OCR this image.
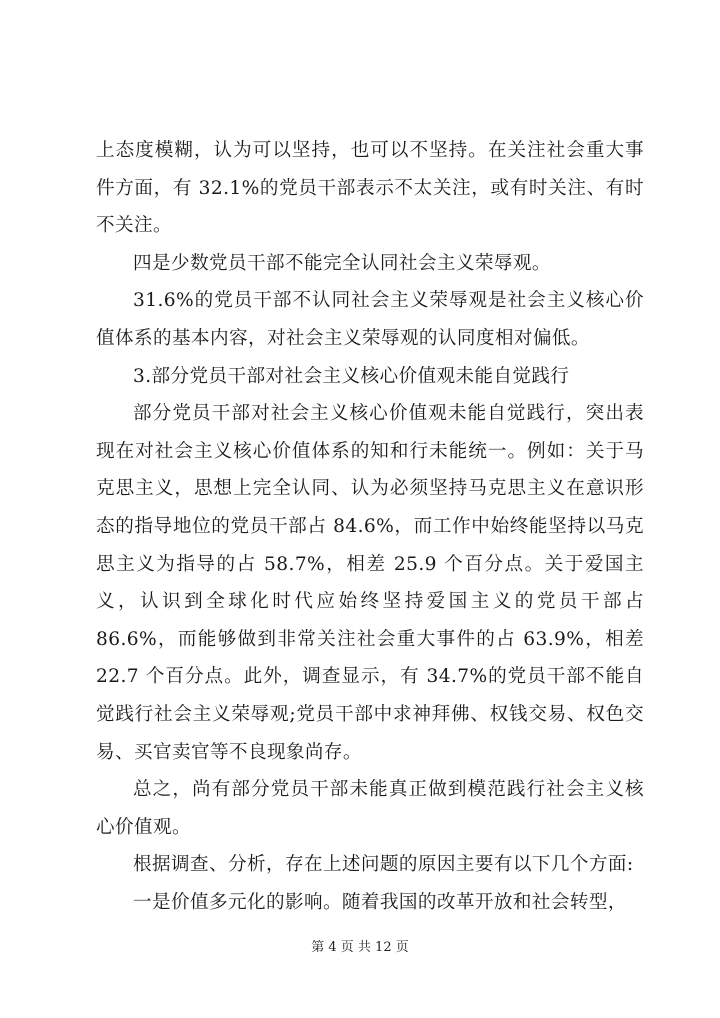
上态度模糊，认为可以坚持，也可以不坚持。在关注社会重大事件方面，有 32.1%的党员干部表示不太关注，或有时关注、有时不关注。

四是少数党员干部不能完全认同社会主义荣辱观。

31.6%的党员干部不认同社会主义荣辱观是社会主义核心价值体系的基本内容，对社会主义荣辱观的认同度相对偏低。

3.部分党员干部对社会主义核心价值观未能自觉践行

部分党员干部对社会主义核心价值观未能自觉践行，突出表现在对社会主义核心价值体系的知和行未能统一。例如：关于马克思主义，思想上完全认同、认为必须坚持马克思主义在意识形态的指导地位的党员干部占 84.6%，而工作中始终能坚持以马克思主义为指导的占 58.7%，相差 25.9 个百分点。关于爱国主义，认识到全球化时代应始终坚持爱国主义的党员干部占 86.6%，而能够做到非常关注社会重大事件的占 63.9%，相差 22.7 个百分点。此外，调查显示，有 34.7%的党员干部不能自觉践行社会主义荣辱观;党员干部中求神拜佛、权钱交易、权色交易、买官卖官等不良现象尚存。

总之，尚有部分党员干部未能真正做到模范践行社会主义核心价值观。

根据调查、分析，存在上述问题的原因主要有以下几个方面:

一是价值多元化的影响。随着我国的改革开放和社会转型，

第 4 页 共 12 页
